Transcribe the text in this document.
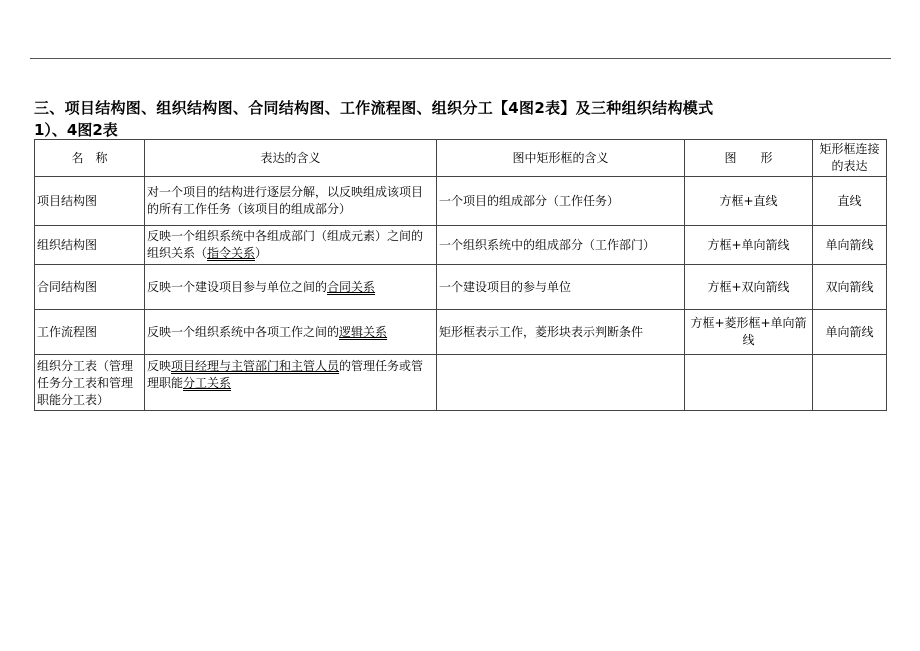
三、项目结构图、组织结构图、合同结构图、工作流程图、组织分工【4图2表】及三种组织结构模式
1）、4图2表
名　称	表达的含义	图中矩形框的含义	图　　形	矩形框连接的表达
项目结构图	对一个项目的结构进行逐层分解，以反映组成该项目的所有工作任务（该项目的组成部分）	一个项目的组成部分（工作任务）	方框+直线	直线
组织结构图	反映一个组织系统中各组成部门（组成元素）之间的组织关系（指令关系）	一个组织系统中的组成部分（工作部门）	方框+单向箭线	单向箭线
合同结构图	反映一个建设项目参与单位之间的合同关系	一个建设项目的参与单位	方框+双向箭线	双向箭线
工作流程图	反映一个组织系统中各项工作之间的逻辑关系	矩形框表示工作，菱形块表示判断条件	方框+菱形框+单向箭线	单向箭线
组织分工表（管理任务分工表和管理职能分工表）	反映项目经理与主管部门和主管人员的管理任务或管理职能分工关系			
